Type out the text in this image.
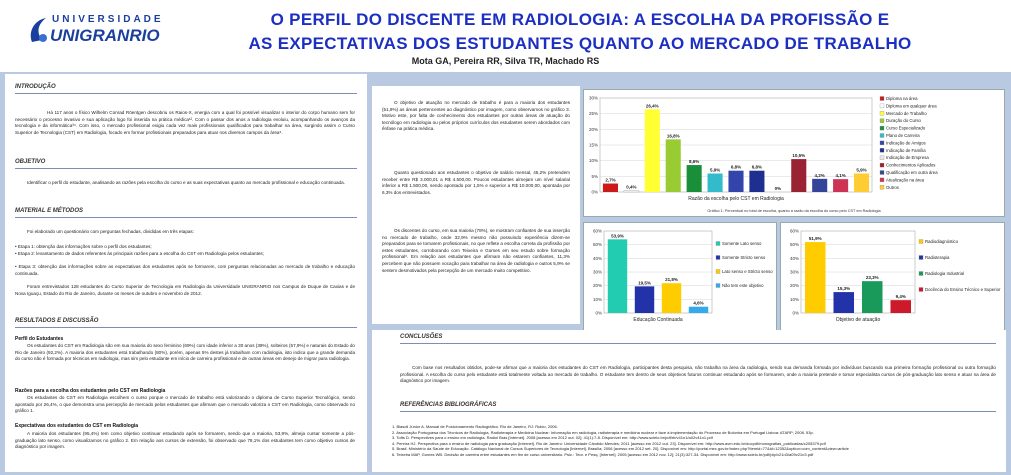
UNIVERSIDADE
UNIGRANRIO
O PERFIL DO DISCENTE EM RADIOLOGIA: A ESCOLHA DA PROFISSÃO E
AS EXPECTATIVAS DOS ESTUDANTES QUANTO AO MERCADO DE TRABALHO
Mota GA, Pereira RR, Silva TR, Machado RS
INTRODUÇÃO
Há 117 anos o físico Wilhelm Conrad Röentgen descobriu os Raios-X, energia com a qual foi possível visualizar o interior do corpo humano sem for necessário o processo invasivo e sua aplicação logo foi inserida na prática médica¹². Com o passar dos anos a radiologia evoluiu, acompanhando os avanços da tecnologia e da informática³⁴. Com isso, o mercado profissional exigiu cada vez mais profissionais qualificados para trabalhar na área, surgindo assim o Curso Superior de Tecnologia (CST) em Radiologia, focado em formar profissionais preparados para atuar nos diversos campos da área⁵.
OBJETIVO
Identificar o perfil do estudante, analisando as razões pela escolha do curso e as suas expectativas quanto ao mercado profissional e educação continuada.
MATERIAL E MÉTODOS
Foi elaborado um questionário com perguntas fechadas, divididas em três etapas:
• Etapa 1: obtenção das informações sobre o perfil dos estudantes;
• Etapa 2: levantamento de dados referentes às principais razões para a escolha do CST em Radiologia pelos estudantes;
• Etapa 3: obtenção das informações sobre as expectativas dos estudantes após se formarem, com perguntas relacionadas ao mercado de trabalho e educação continuada.
Foram entrevistados 128 estudantes do Curso Superior de Tecnologia em Radiologia da Universidade UNIGRANRIO nos Campus de Duque de Caxias e de Nova Iguaçu, Estado do Rio de Janeiro, durante os meses de outubro e novembro de 2012.
RESULTADOS E DISCUSSÃO
Perfil do Estudantes
Os estudantes do CST em Radiologia são em sua maioria do sexo feminino (69%) com idade inferior a 30 anos (39%), solteiros (57,9%) e naturais do Estado do Rio de Janeiro (92,2%). A maioria dos estudantes está trabalhando (80%), porém, apenas 5% destes já trabalham com radiologia, isto indica que a grande demanda do curso não é formada por técnicos em radiologia, mas sim pelo estudante em início de carreira profissional e de outras áreas em desejo de migrar para radiologia.
Razões para a escolha dos estudantes pelo CST em Radiologia
Os estudantes do CST em Radiologia escolhem o curso porque o mercado de trabalho está valorizando o diploma de Curso Superior Tecnológico, sendo apontado por 26,4%, o que demonstra uma percepção de mercado pelos estudantes que afirmam que o mercado valoriza o CST em Radiologia, como observado no gráfico 1.
Expectativas dos estudantes do CST em Radiologia
A maioria dos estudantes (95,4%) tem como objetivo continuar estudando após se formarem, sendo que a maioria, 53,9%, almeja cursar somente a pós-graduação lato senso, como visualizamos no gráfico 2. Em relação aos cursos de extensão, foi observado que 78,1% dos estudantes tem como objetivo cursos de diagnóstico por imagem.
O objetivo de atuação no mercado de trabalho é para a maioria dos estudantes (51,9%) as áreas pertencentes ao diagnóstico por imagem, como observamos no gráfico 3. Motivo este, por falta de conhecimento dos estudantes por outras áreas de atuação do tecnólogo em radiologia ou pelos próprios currículos dos estudantes serem abordados com ênfase na prática médica.
Quanto questionado aos estudantes o objetivo de salário mensal, 45,2% pretendem receber entre R$ 3.000,01 a R$ 4.500,00. Poucos estudantes almejam um nível salarial inferior a R$ 1.500,00, sendo apontado por 1,5% e superior a R$ 10.000,00, apontada por 6,3% dos entrevistados.
Os discentes do curso, em sua maioria (78%), se mostram confiantes de sua inserção no mercado de trabalho, onde 32,9% mesmo não possuindo experiência dizem-se preparados para se tornarem profissionais, no que reflete a escolha correta da profissão por estes estudantes, corroborando com Teixeira e Gomes em seu estudo sobre formação profissional⁶. Em relação aos estudantes que afirmam não estarem confiantes, 11,3% percebem que não possuem vocação para trabalhar na área de radiologia e outros 5,9% se sentem desmotivados pela percepção de um mercado muito competitivo.
0%
5%
10%
15%
20%
25%
30%
2,7%
0,4%
26,4%
16,8%
8,6%
5,9%
6,8% 6,8%
0%
10,5%
4,2% 4,1%
5,9%
Razão da escolha pelo CST em Radiologia
Gráfico 1: Percentual no total de escolha, quanto a razão da escolha do curso pelo CST em Radiologia
Diploma na área
Diploma em qualquer área
Mercado de Trabalho
Duração do Curso
Curso Especializado
Plano de Carreira
Indicação de Amigos
Indicação de Família
Indicação de Empresa
Conhecimentos Aplicados
Qualificação em outra área
Atualização na área
Outros
0%
10%
20%
30%
40%
50%
60%
53,9%
19,5%
21,8%
4,6%
Educação Continuada
Somente Lato senso
Somente Stricto senso
Lato senso e Stricto senso
Não tem este objetivo
0%
10%
20%
30%
40%
50%
60%
51,9%
15,3%
23,3%
9,4%
Objetivo de atuação
Radiodiagnóstico
Radioterapia
Radiologia Industrial
Docência do Ensino Técnico e Superior
CONCLUSÕES
Com base nos resultados obtidos, pode-se afirmar que a maioria dos estudantes do CST em Radiologia, participantes desta pesquisa, não trabalha na área da radiologia, sendo sua demanda formada por indivíduos buscando sua primeira formação profissional ou outra formação profissional. A escolha do curso pelo estudante está totalmente voltada ao mercado de trabalho. O estudante tem dentro de seus objetivos futuros continuar estudando após se formarem, onde a maioria pretende e tomar especialista cursos de pós-graduação lato senso e atuar na área de diagnóstico por imagem.
REFERÊNCIAS BIBLIOGRÁFICAS
1. Biasoli Júnior A. Manual de Posicionamento Radiográfico. Rio de Janeiro, RJ: Rubio, 2006.
2. Associação Portuguesa dos Técnicos de Radiologia, Radioterapia e Medicina Nuclear: Informação em radiologia, radioterapia e medicina nuclear e face à implementação do Processo de Bolonha em Portugal Lisboa: ATARP; 2008. 53p.
3. Tofts D. Perspectives para o ensino em radiologia. Radiol Bras [Internet]. 2008 [acesso em 2012 out. 02]; 41(1):7-8. Disponível em: http://www.scielo.br/pdf/rb/v41n1/a02v41n1.pdf
4. Pereira HJ. Perspectiva para o ensino de radiologia para graduação [Internet]. Rio de Janeiro: Universidade Cândido Mendes; 2011 [acesso em 2012 out. 23]. Disponível em: http://www.avm.edu.br/docpdf/monografias_publicadas/c205379.pdf
5. Brasil. Ministério da Saúde de Educação. Catálogo Nacional de Cursos Superiores de Tecnologia [Internet]. Brasília; 2006 [acesso em 2012 set. 20]. Disponível em: http://portal.mec.gov.br/index.php?Itemid=77&id=12352&option=com_content&view=article
6. Teixeira MAP, Gomes WB. Decisão de carreira entre estudantes em fim de curso universitário. Psic.: Teor. e Pesq. [Internet]. 2005 [acesso em 2012 nov. 12]; 21(3):327-34. Disponível em: http://www.scielo.br/pdf/ptp/v21n3/a09v21n3.pdf
